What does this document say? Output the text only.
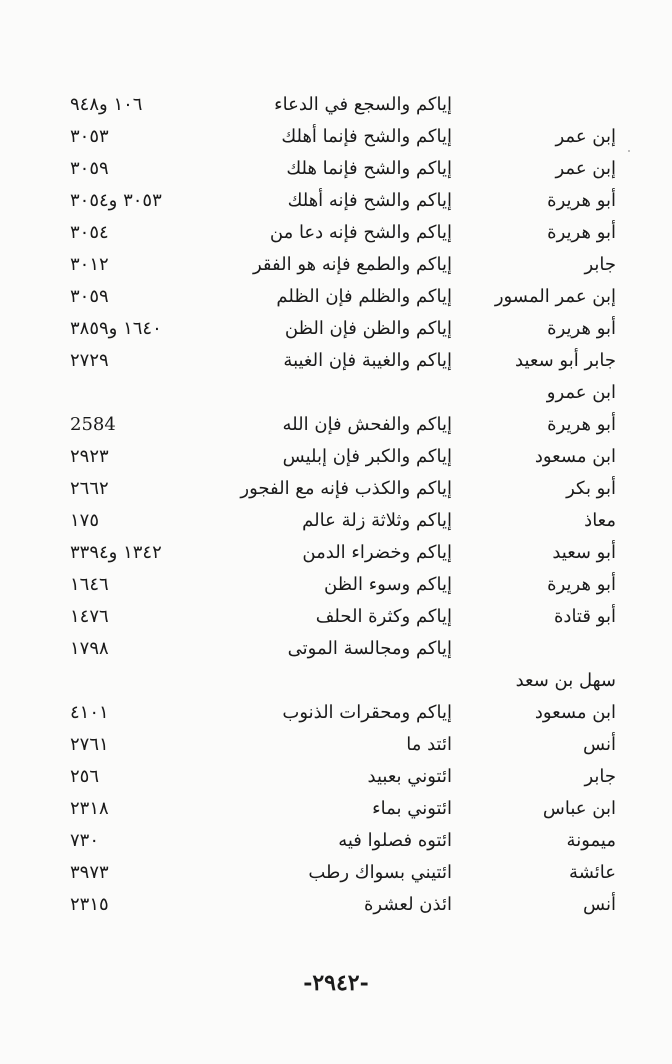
إياكم والسجع في الدعاء
١٠٦ و٩٤٨
إبن عمر
إياكم والشح فإنما أهلك
٣٠٥٣
إبن عمر
إياكم والشح فإنما هلك
٣٠٥٩
أبو هريرة
إياكم والشح فإنه أهلك
٣٠٥٣ و٣٠٥٤
أبو هريرة
إياكم والشح فإنه دعا من
٣٠٥٤
جابر
إياكم والطمع فإنه هو الفقر
٣٠١٢
إبن عمر المسور
إياكم والظلم فإن الظلم
٣٠٥٩
أبو هريرة
إياكم والظن فإن الظن
١٦٤٠ و٣٨٥٩
جابر أبو سعيد
إياكم والغيبة فإن الغيبة
٢٧٢٩
ابن عمرو
أبو هريرة
إياكم والفحش فإن الله
2584
ابن مسعود
إياكم والكبر فإن إبليس
٢٩٢٣
أبو بكر
إياكم والكذب فإنه مع الفجور
٢٦٦٢
معاذ
إياكم وثلاثة زلة عالم
١٧٥
أبو سعيد
إياكم وخضراء الدمن
١٣٤٢ و٣٣٩٤
أبو هريرة
إياكم وسوء الظن
١٦٤٦
أبو قتادة
إياكم وكثرة الحلف
١٤٧٦
إياكم ومجالسة الموتى
١٧٩٨
سهل بن سعد
ابن مسعود
إياكم ومحقرات الذنوب
٤١٠١
أنس
ائتد ما
٢٧٦١
جابر
ائتوني بعبيد
٢٥٦
ابن عباس
ائتوني بماء
٢٣١٨
ميمونة
ائتوه فصلوا فيه
٧٣٠
عائشة
ائتيني بسواك رطب
٣٩٧٣
أنس
ائذن لعشرة
٢٣١٥
-٢٩٤٢-
